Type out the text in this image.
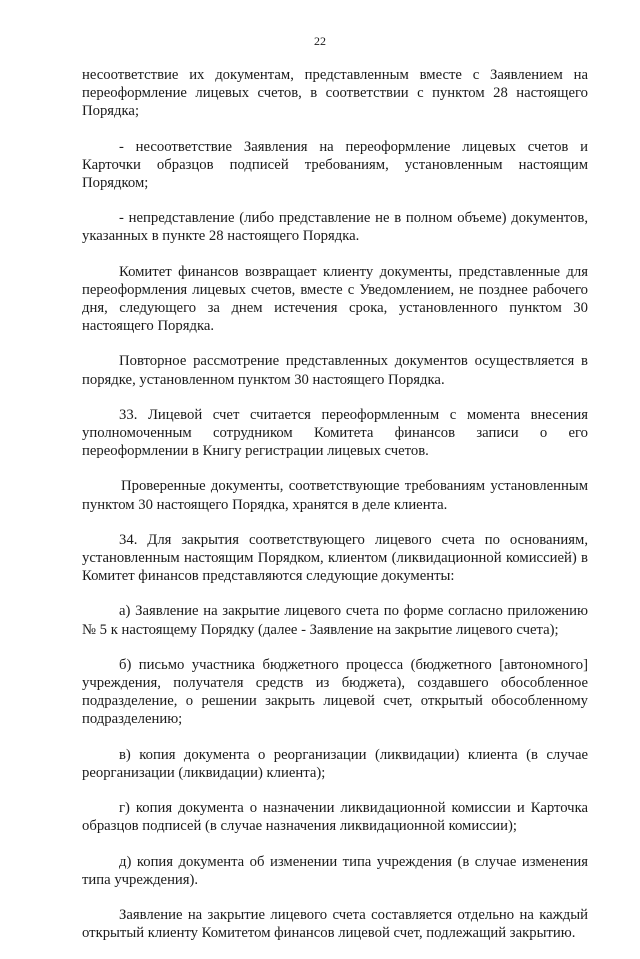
22

несоответствие их документам, представленным вместе с Заявлением на переоформление лицевых счетов, в соответствии с пунктом 28 настоящего Порядка;

- несоответствие Заявления на переоформление лицевых счетов и Карточки образцов подписей требованиям, установленным настоящим Порядком;

- непредставление (либо представление не в полном объеме) документов, указанных в пункте 28 настоящего Порядка.

Комитет финансов возвращает клиенту документы, представленные для переоформления лицевых счетов, вместе с Уведомлением, не позднее рабочего дня, следующего за днем истечения срока, установленного пунктом 30 настоящего Порядка.

Повторное рассмотрение представленных документов осуществляется в порядке, установленном пунктом 30 настоящего Порядка.

33. Лицевой счет считается переоформленным с момента внесения уполномоченным сотрудником Комитета финансов записи о его переоформлении в Книгу регистрации лицевых счетов.

Проверенные документы, соответствующие требованиям установленным пунктом 30 настоящего Порядка, хранятся в деле клиента.

34. Для закрытия соответствующего лицевого счета по основаниям, установленным настоящим Порядком, клиентом (ликвидационной комиссией) в Комитет финансов представляются следующие документы:

а) Заявление на закрытие лицевого счета по форме согласно приложению № 5 к настоящему Порядку (далее - Заявление на закрытие лицевого счета);

б) письмо участника бюджетного процесса (бюджетного [автономного] учреждения, получателя средств из бюджета), создавшего обособленное подразделение, о решении закрыть лицевой счет, открытый обособленному подразделению;

в) копия документа о реорганизации (ликвидации) клиента (в случае реорганизации (ликвидации) клиента);

г) копия документа о назначении ликвидационной комиссии и Карточка образцов подписей (в случае назначения ликвидационной комиссии);

д) копия документа об изменении типа учреждения (в случае изменения типа учреждения).

Заявление на закрытие лицевого счета составляется отдельно на каждый открытый клиенту Комитетом финансов лицевой счет, подлежащий закрытию.
